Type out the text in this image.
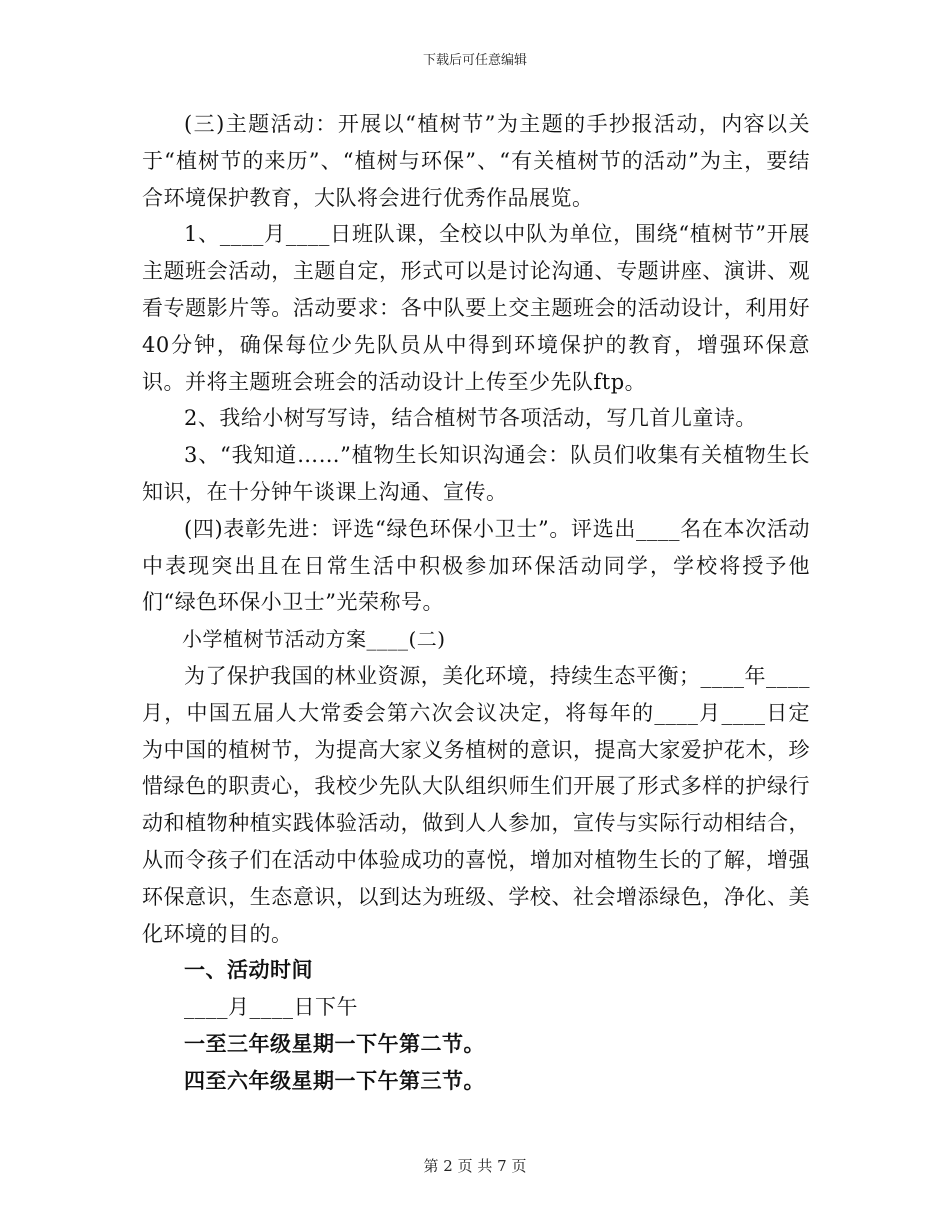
下载后可任意编辑

(三)主题活动：开展以“植树节”为主题的手抄报活动，内容以关于“植树节的来历”、“植树与环保”、“有关植树节的活动”为主，要结合环境保护教育，大队将会进行优秀作品展览。

1、____月____日班队课，全校以中队为单位，围绕“植树节”开展主题班会活动，主题自定，形式可以是讨论沟通、专题讲座、演讲、观看专题影片等。活动要求：各中队要上交主题班会的活动设计，利用好40分钟，确保每位少先队员从中得到环境保护的教育，增强环保意识。并将主题班会班会的活动设计上传至少先队ftp。

2、我给小树写写诗，结合植树节各项活动，写几首儿童诗。

3、“我知道……”植物生长知识沟通会：队员们收集有关植物生长知识，在十分钟午谈课上沟通、宣传。

(四)表彰先进：评选“绿色环保小卫士”。评选出____名在本次活动中表现突出且在日常生活中积极参加环保活动同学，学校将授予他们“绿色环保小卫士”光荣称号。

小学植树节活动方案____(二)

为了保护我国的林业资源，美化环境，持续生态平衡；____年____月，中国五届人大常委会第六次会议决定，将每年的____月____日定为中国的植树节，为提高大家义务植树的意识，提高大家爱护花木，珍惜绿色的职责心，我校少先队大队组织师生们开展了形式多样的护绿行动和植物种植实践体验活动，做到人人参加，宣传与实际行动相结合，从而令孩子们在活动中体验成功的喜悦，增加对植物生长的了解，增强环保意识，生态意识，以到达为班级、学校、社会增添绿色，净化、美化环境的目的。

一、活动时间

____月____日下午

一至三年级星期一下午第二节。

四至六年级星期一下午第三节。

第 2 页 共 7 页
